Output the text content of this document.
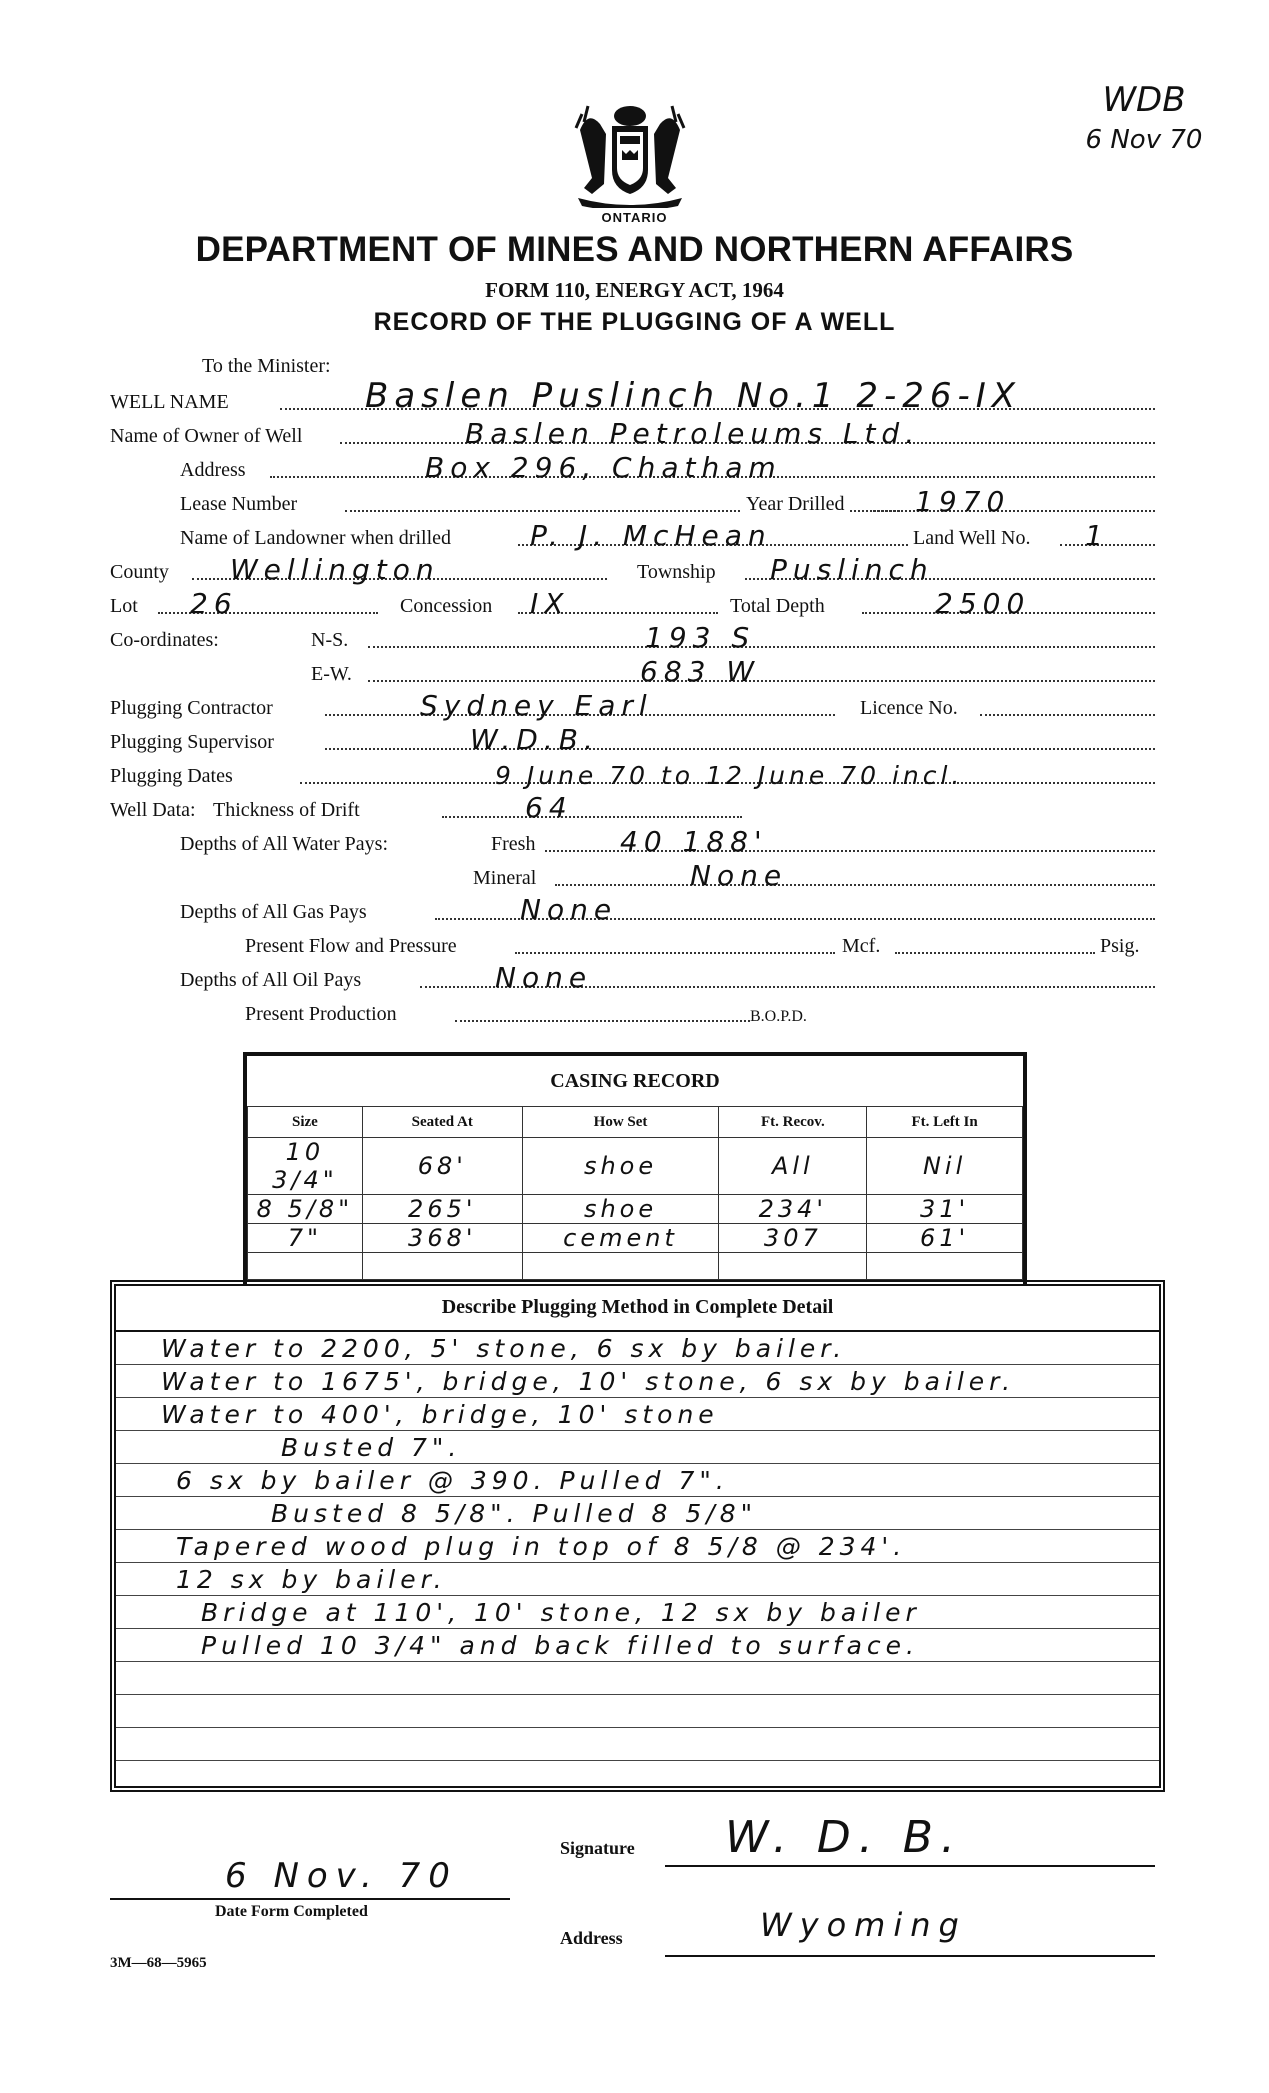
WDB
6 Nov 70
ONTARIO
DEPARTMENT OF MINES AND NORTHERN AFFAIRS
FORM 110, ENERGY ACT, 1964
RECORD OF THE PLUGGING OF A WELL
To the Minister:
WELL NAME	Baslen Puslinch No.1 2-26-IX
Name of Owner of Well	Baslen Petroleums Ltd.
Address	Box 296, Chatham
Lease Number	Year Drilled	1970
Name of Landowner when drilled	P. J. McHean	Land Well No. 1
County Wellington	Township Puslinch
Lot 26	Concession IX	Total Depth	2500
Co-ordinates:	N-S.	193 S
E-W.	683 W
Plugging Contractor	Sydney Earl	Licence No.
Plugging Supervisor	W.D.B.
Plugging Dates	9 June 70 to 12 June 70 incl.
Well Data: Thickness of Drift	64
Depths of All Water Pays:	Fresh	40 188'
Mineral	None
Depths of All Gas Pays	None
Present Flow and Pressure	Mcf.	Psig.
Depths of All Oil Pays	None
Present Production	B.O.P.D.
CASING RECORD
Size	Seated At	How Set	Ft. Recov.	Ft. Left In
10 3/4"	68'	shoe	All	Nil
8 5/8"	265'	shoe	234'	31'
7"	368'	cement	307	61'

Describe Plugging Method in Complete Detail
Water to 2200, 5' stone, 6 sx by bailer.
Water to 1675', bridge, 10' stone, 6 sx by bailer.
Water to 400', bridge, 10' stone
Busted 7".
6 sx by bailer @ 390. Pulled 7".
Busted 8 5/8". Pulled 8 5/8"
Tapered wood plug in top of 8 5/8 @ 234'.
12 sx by bailer.
Bridge at 110', 10' stone, 12 sx by bailer
Pulled 10 3/4" and back filled to surface.
Signature W. D. B.
Address	Wyoming
6 Nov. 70
Date Form Completed
3M—68—5965
